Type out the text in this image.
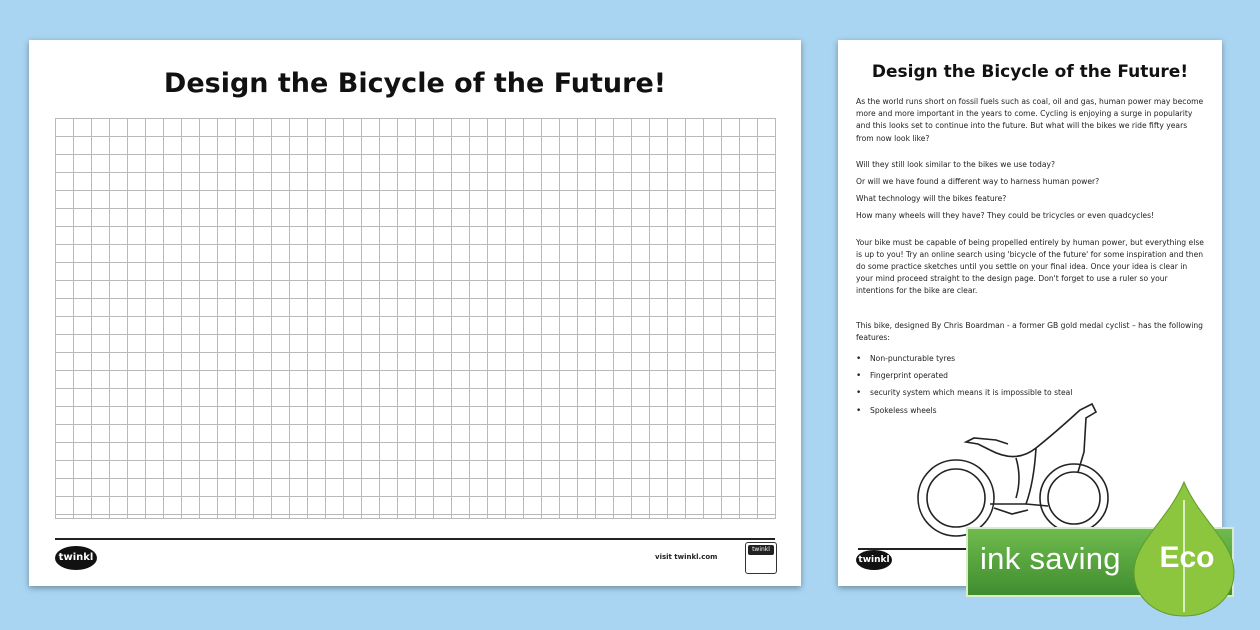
Design the Bicycle of the Future!
twinkl	visit twinkl.com
twinkl
Design the Bicycle of the Future!

As the world runs short on fossil fuels such as coal, oil and gas, human power may become more and more important in the years to come. Cycling is enjoying a surge in popularity and this looks set to continue into the future. But what will the bikes we ride fifty years from now look like?

Will they still look similar to the bikes we use today?

Or will we have found a different way to harness human power?

What technology will the bikes feature?

How many wheels will they have? They could be tricycles or even quadcycles!

Your bike must be capable of being propelled entirely by human power, but everything else is up to you! Try an online search using 'bicycle of the future' for some inspiration and then do some practice sketches until you settle on your final idea. Once your idea is clear in your mind proceed straight to the design page. Don't forget to use a ruler so your intentions for the bike are clear.

This bike, designed By Chris Boardman - a former GB gold medal cyclist – has the following features:

• Non-puncturable tyres
• Fingerprint operated
• security system which means it is impossible to steal
• Spokeless wheels
twinkl	ink saving Eco
